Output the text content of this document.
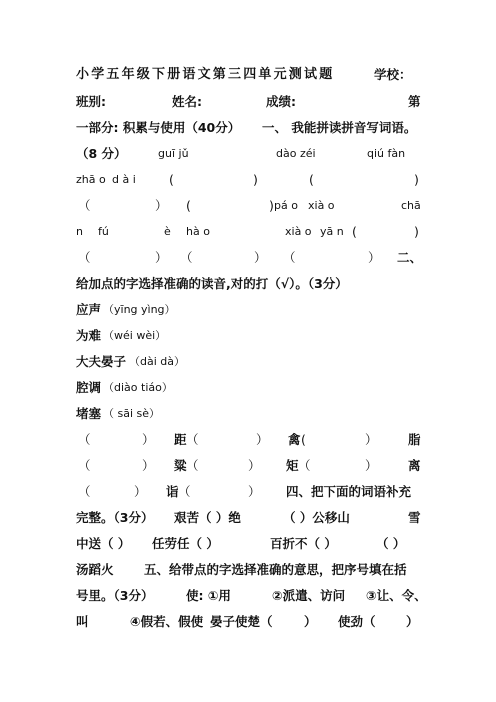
小学五年级下册语文第三四单元测试题	学校：
班别:	姓名:	成绩:	第
一部分: 积累与使用（40分） 一、 我能拼读拼音写词语。
（8 分）	guī jǔ	dào zéi	qiú fàn
zhā o d à i	(	)	(	)
（	） (	) pá o xià o	chā
n fú	è hà o	xià o yā n (	)
（	） （	） （	） 二、
给加点的字选择准确的读音,对的打（√）。（3分）
应声 （yīng yìng）
为难 （wéi wèi）
大夫晏子 （dài dà）
腔调 （diào tiáo）
堵塞 （ sāi sè）
（	） 距 （	） 禽 (	） 脂
（	） 粱 （	） 矩 （	） 离
（	） 诣 （	） 四、把下面的词语补充
完整。（3分） 艰苦（ ）绝	（ ）公移山	雪
中送（ ） 任劳任（ ）	百折不（ ）	（ ）
汤蹈火 五、给带点的字选择准确的意思，把序号填在括
号里。（3分）	使: ①用	②派遣、访问 ③让、令、
叫	④假若、假使 晏子使楚（	） 使劲（ ）
